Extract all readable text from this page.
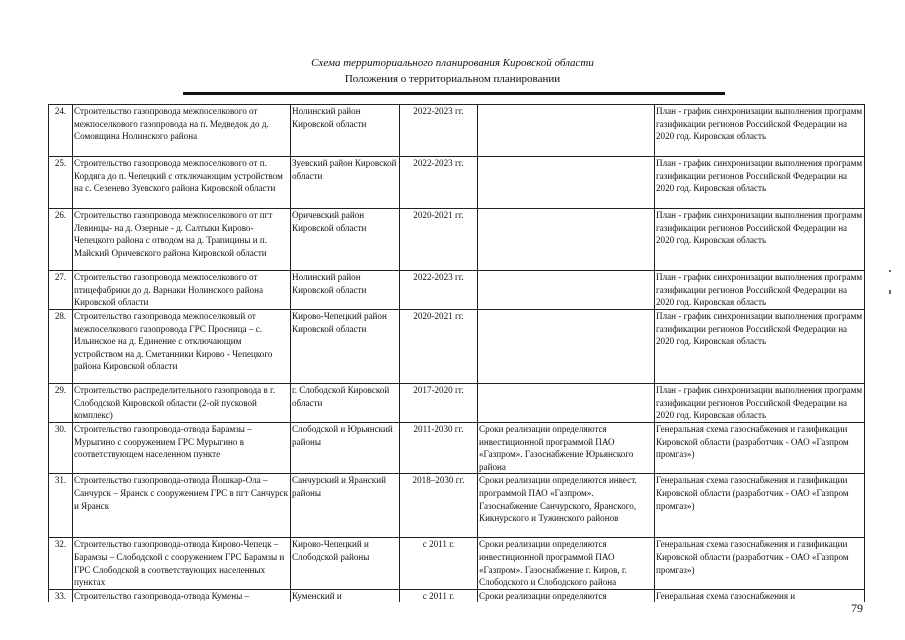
Схема территориального планирования Кировской области
Положения о территориальном планировании
24.	Строительство газопровода межпоселкового от межпоселкового газопровода на п. Медведок до д. Сомовщина Нолинского района	Нолинский район Кировской области	2022-2023 гг.		План - график синхронизации выполнения программ газификации регионов Российской Федерации на 2020 год. Кировская область
25.	Строительство газопровода межпоселкового от п. Кордяга до п. Чепецкий с отключающим устройством на с. Сезенево Зуевского района Кировской области	Зуевский район Кировской области	2022-2023 гг.		План - график синхронизации выполнения программ газификации регионов Российской Федерации на 2020 год. Кировская область
26.	Строительство газопровода межпоселкового от пгт Левинцы- на д. Озерные - д. Салтыки Кирово-Чепецкого района с отводом на д. Трапицины и п. Майский Оричевского района Кировской области	Оричевский район Кировской области	2020-2021 гг.		План - график синхронизации выполнения программ газификации регионов Российской Федерации на 2020 год. Кировская область
27.	Строительство газопровода межпоселкового от птицефабрики до д. Варнаки Нолинского района Кировской области	Нолинский район Кировской области	2022-2023 гг.		План - график синхронизации выполнения программ газификации регионов Российской Федерации на 2020 год. Кировская область
28.	Строительство газопровода межпоселковый от межпоселкового газопровода ГРС Просница – с. Ильинское на д. Единение с отключающим устройством на д. Сметанники Кирово - Чепецкого района Кировской области	Кирово-Чепецкий район Кировской области	2020-2021 гг.		План - график синхронизации выполнения программ газификации регионов Российской Федерации на 2020 год. Кировская область
29.	Строительство распределительного газопровода в г. Слободской Кировской области (2-ой пусковой комплекс)	г. Слободской Кировской области	2017-2020 гг.		План - график синхронизации выполнения программ газификации регионов Российской Федерации на 2020 год. Кировская область
30.	Строительство газопровода-отвода Барамзы – Мурыгино с сооружением ГРС Мурыгино в соответствующем населенном пункте	Слободской и Юрьянский районы	2011-2030 гг.	Сроки реализации определяются инвестиционной программой ПАО «Газпром». Газоснабжение Юрьянского района	Генеральная схема газоснабжения и газификации Кировской области (разработчик - ОАО «Газпром промгаз»)
31.	Строительство газопровода-отвода Йошкар-Ола – Санчурск – Яранск с сооружением ГРС в пгт Санчурск и Яранск	Санчурский и Яранский районы	2018–2030 гг.	Сроки реализации определяются инвест. программой ПАО «Газпром». Газоснабжение Санчурского, Яранского, Кикнурского и Тужинского районов	Генеральная схема газоснабжения и газификации Кировской области (разработчик - ОАО «Газпром промгаз»)
32.	Строительство газопровода-отвода Кирово-Чепецк – Барамзы – Слободской с сооружением ГРС Барамзы и ГРС Слободской в соответствующих населенных пунктах	Кирово-Чепецкий и Слободской районы	с 2011 г.	Сроки реализации определяются инвестиционной программой ПАО «Газпром». Газоснабжение г. Киров, г. Слободского и Слободского района	Генеральная схема газоснабжения и газификации Кировской области (разработчик - ОАО «Газпром промгаз»)
33.	Строительство газопровода-отвода Кумены –	Куменский и	с 2011 г.	Сроки реализации определяются	Генеральная схема газоснабжения и
79
